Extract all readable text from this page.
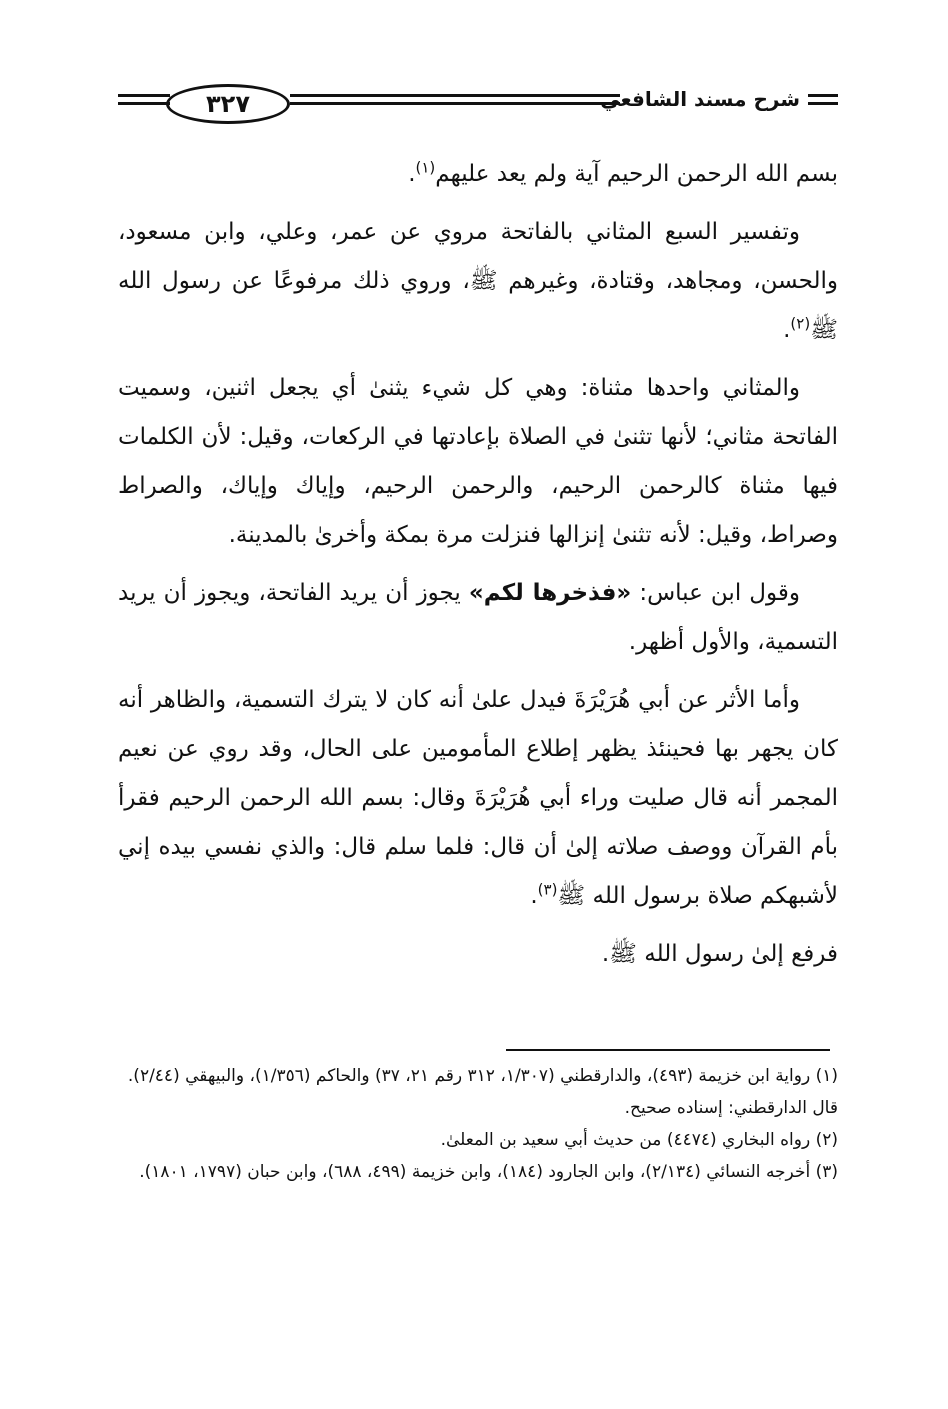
٣٢٧	شرح مسند الشافعي

بسم الله الرحمن الرحيم آية ولم يعد عليهم$^{(١)}$.

وتفسير السبع المثاني بالفاتحة مروي عن عمر، وعلي، وابن مسعود، والحسن، ومجاهد، وقتادة، وغيرهم ﷺ، وروي ذلك مرفوعًا عن رسول الله ﷺ$^{(٢)}$.

والمثاني واحدها مثناة: وهي كل شيء يثنىٰ أي يجعل اثنين، وسميت الفاتحة مثاني؛ لأنها تثنىٰ في الصلاة بإعادتها في الركعات، وقيل: لأن الكلمات فيها مثناة كالرحمن الرحيم، والرحمن الرحيم، وإياك وإياك، والصراط وصراط، وقيل: لأنه تثنىٰ إنزالها فنزلت مرة بمكة وأخرىٰ بالمدينة.

وقول ابن عباس: «فذخرها لكم» يجوز أن يريد الفاتحة، ويجوز أن يريد التسمية، والأول أظهر.

وأما الأثر عن أبي هُرَيْرَةَ فيدل علىٰ أنه كان لا يترك التسمية، والظاهر أنه كان يجهر بها فحينئذ يظهر إطلاع المأمومين على الحال، وقد روي عن نعيم المجمر أنه قال صليت وراء أبي هُرَيْرَةَ وقال: بسم الله الرحمن الرحيم فقرأ بأم القرآن ووصف صلاته إلىٰ أن قال: فلما سلم قال: والذي نفسي بيده إني لأشبهكم صلاة برسول الله ﷺ$^{(٣)}$.

فرفع إلىٰ رسول الله ﷺ.

(١) رواية ابن خزيمة (٤٩٣)، والدارقطني (١/٣٠٧، ٣١٢ رقم ٢١، ٣٧) والحاكم (١/٣٥٦)، والبيهقي (٢/٤٤).

قال الدارقطني: إسناده صحيح.

(٢) رواه البخاري (٤٤٧٤) من حديث أبي سعيد بن المعلىٰ.

(٣) أخرجه النسائي (٢/١٣٤)، وابن الجارود (١٨٤)، وابن خزيمة (٤٩٩، ٦٨٨)، وابن حبان (١٧٩٧، ١٨٠١).
